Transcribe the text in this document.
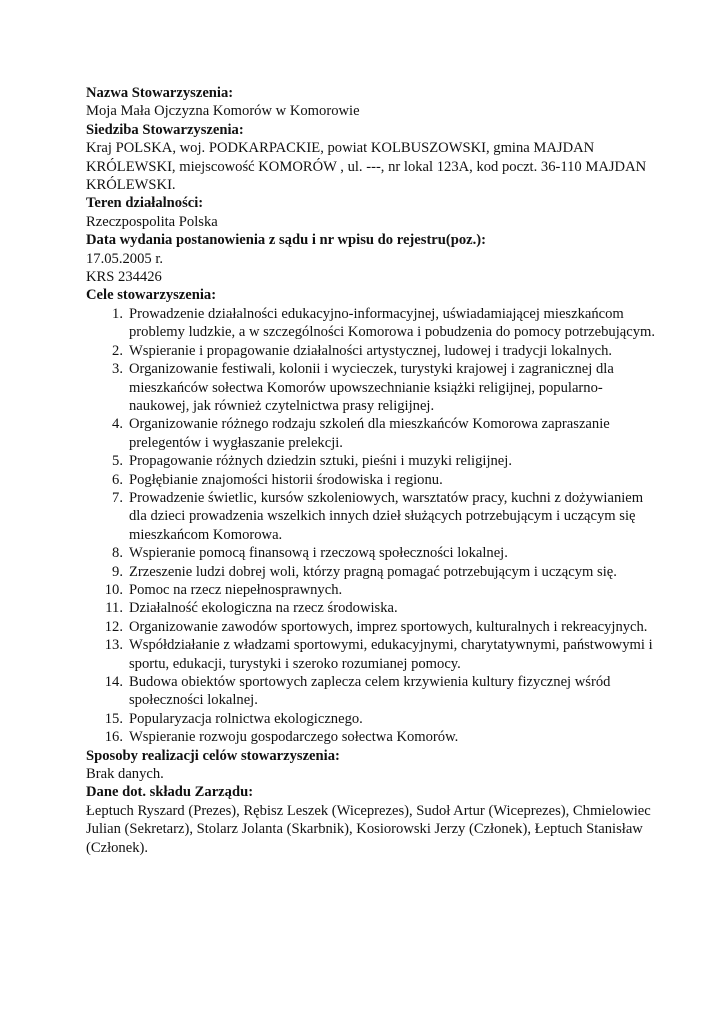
Nazwa Stowarzyszenia:

Moja Mała Ojczyzna Komorów w Komorowie

Siedziba Stowarzyszenia:

Kraj POLSKA, woj. PODKARPACKIE, powiat KOLBUSZOWSKI, gmina MAJDAN KRÓLEWSKI, miejscowość KOMORÓW , ul. ---, nr lokal 123A, kod poczt. 36-110 MAJDAN KRÓLEWSKI.

Teren działalności:

Rzeczpospolita Polska

Data wydania postanowienia z sądu i nr wpisu do rejestru(poz.):

17.05.2005 r.

KRS 234426

Cele stowarzyszenia:

1. Prowadzenie działalności edukacyjno-informacyjnej, uświadamiającej mieszkańcom problemy ludzkie, a w szczególności Komorowa i pobudzenia do pomocy potrzebującym.
2. Wspieranie i propagowanie działalności artystycznej, ludowej i tradycji lokalnych.
3. Organizowanie festiwali, kolonii i wycieczek, turystyki krajowej i zagranicznej dla mieszkańców sołectwa Komorów upowszechnianie książki religijnej, popularno-naukowej, jak również czytelnictwa prasy religijnej.
4. Organizowanie różnego rodzaju szkoleń dla mieszkańców Komorowa zapraszanie prelegentów i wygłaszanie prelekcji.
5. Propagowanie różnych dziedzin sztuki, pieśni i muzyki religijnej.
6. Pogłębianie znajomości historii środowiska i regionu.
7. Prowadzenie świetlic, kursów szkoleniowych, warsztatów pracy, kuchni z dożywianiem dla dzieci prowadzenia wszelkich innych dzieł służących potrzebującym i uczącym się mieszkańcom Komorowa.
8. Wspieranie pomocą finansową i rzeczową społeczności lokalnej.
9. Zrzeszenie ludzi dobrej woli, którzy pragną pomagać potrzebującym i uczącym się.
10. Pomoc na rzecz niepełnosprawnych.
11. Działalność ekologiczna na rzecz środowiska.
12. Organizowanie zawodów sportowych, imprez sportowych, kulturalnych i rekreacyjnych.
13. Współdziałanie z władzami sportowymi, edukacyjnymi, charytatywnymi, państwowymi i sportu, edukacji, turystyki i szeroko rozumianej pomocy.
14. Budowa obiektów sportowych zaplecza celem krzywienia kultury fizycznej wśród społeczności lokalnej.
15. Popularyzacja rolnictwa ekologicznego.
16. Wspieranie rozwoju gospodarczego sołectwa Komorów.

Sposoby realizacji celów stowarzyszenia:

Brak danych.

Dane dot. składu Zarządu:

Łeptuch Ryszard (Prezes), Rębisz Leszek (Wiceprezes), Sudoł Artur (Wiceprezes), Chmielowiec Julian (Sekretarz), Stolarz Jolanta (Skarbnik), Kosiorowski Jerzy (Członek), Łeptuch Stanisław (Członek).
